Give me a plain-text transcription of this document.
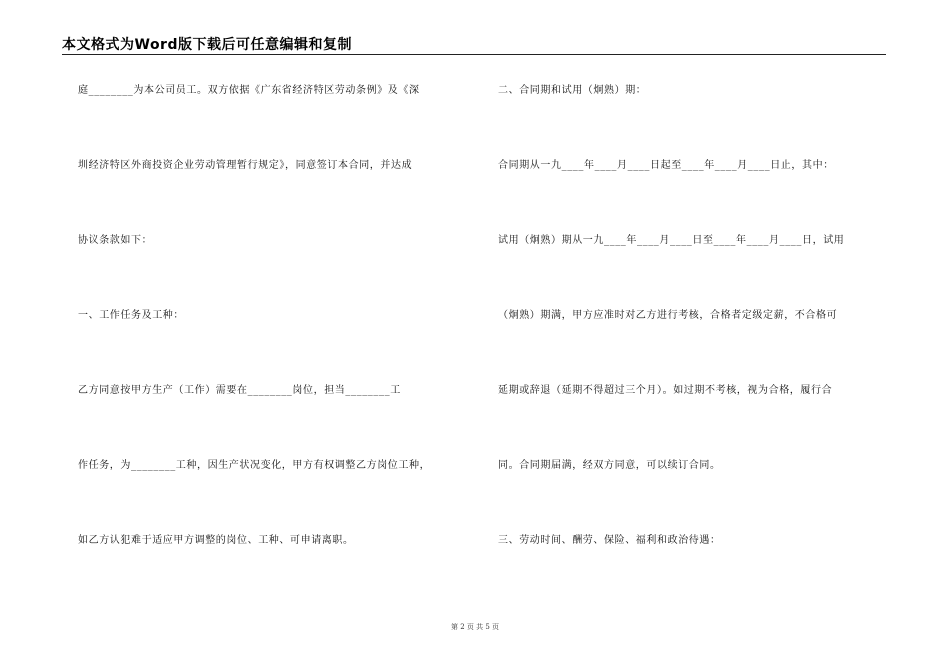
本文格式为Word版下载后可任意编辑和复制
庭________为本公司员工。双方依据《广东省经济特区劳动条例》及《深
圳经济特区外商投资企业劳动管理暂行规定》，同意签订本合同，并达成
协议条款如下：
一、工作任务及工种：
乙方同意按甲方生产（工作）需要在________岗位，担当________工
作任务，为________工种，因生产状况变化，甲方有权调整乙方岗位工种，
如乙方认犯难于适应甲方调整的岗位、工种、可申请离职。
二、合同期和试用（炯熟）期：
合同期从一九____年____月____日起至____年____月____日止，其中：
试用（炯熟）期从一九____年____月____日至____年____月____日，试用
（炯熟）期满，甲方应准时对乙方进行考核，合格者定级定薪，不合格可
延期或辞退（延期不得超过三个月）。如过期不考核，视为合格，履行合
同。合同期届满，经双方同意，可以续订合同。
三、劳动时间、酬劳、保险、福利和政治待遇：
第 2 页 共 5 页
